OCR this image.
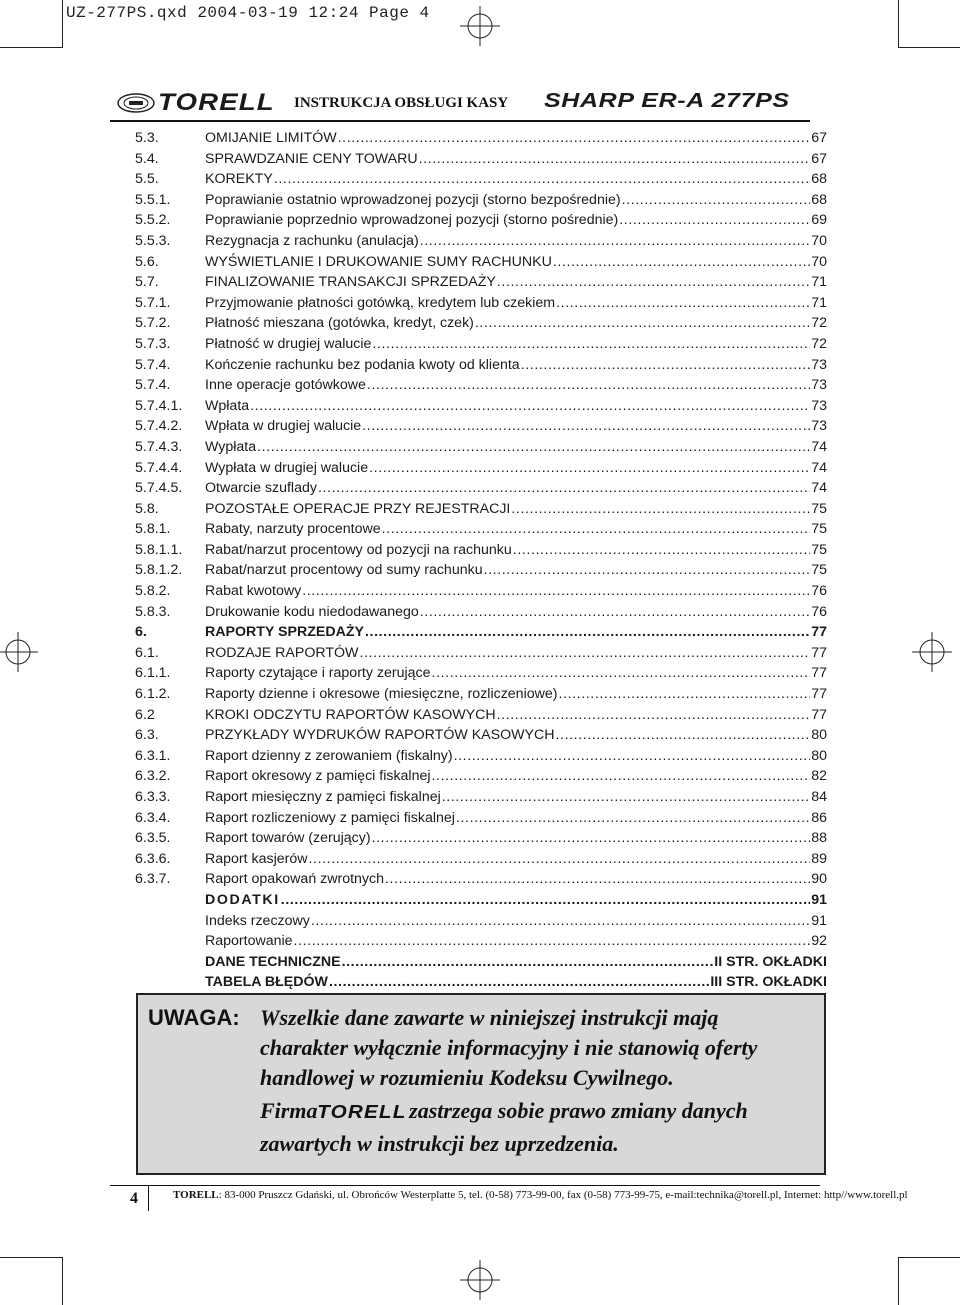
UZ-277PS.qxd 2004-03-19 12:24 Page 4
TORELL INSTRUKCJA OBSŁUGI KASY SHARP ER-A 277PS
5.3.	OMIJANIE LIMITÓW .....	67
5.4.	SPRAWDZANIE CENY TOWARU .....	67
5.5.	KOREKTY .....	68
5.5.1. Poprawianie ostatnio wprowadzonej pozycji (storno bezpośrednie) .....	68
5.5.2. Poprawianie poprzednio wprowadzonej pozycji (storno pośrednie) .....	69
5.5.3. Rezygnacja z rachunku (anulacja) .....	70
5.6.	WYŚWIETLANIE I DRUKOWANIE SUMY RACHUNKU .....	70
5.7.	FINALIZOWANIE TRANSAKCJI SPRZEDAŻY .....	71
5.7.1. Przyjmowanie płatności gotówką, kredytem lub czekiem .....	71
5.7.2. Płatność mieszana (gotówka, kredyt, czek) .....	72
5.7.3. Płatność w drugiej walucie .....	72
5.7.4. Kończenie rachunku bez podania kwoty od klienta .....	73
5.7.4. Inne operacje gotówkowe .....	73
5.7.4.1. Wpłata .....	73
5.7.4.2. Wpłata w drugiej walucie .....	73
5.7.4.3. Wypłata .....	74
5.7.4.4. Wypłata w drugiej walucie .....	74
5.7.4.5. Otwarcie szuflady .....	74
5.8.	POZOSTAŁE OPERACJE PRZY REJESTRACJI .....	75
5.8.1. Rabaty, narzuty procentowe .....	75
5.8.1.1. Rabat/narzut procentowy od pozycji na rachunku .....	75
5.8.1.2. Rabat/narzut procentowy od sumy rachunku .....	75
5.8.2. Rabat kwotowy .....	76
5.8.3. Drukowanie kodu niedodawanego .....	76
6.	RAPORTY SPRZEDAŻY .....	77
6.1.	RODZAJE RAPORTÓW .....	77
6.1.1. Raporty czytające i raporty zerujące .....	77
6.1.2. Raporty dzienne i okresowe (miesięczne, rozliczeniowe) .....	77
6.2	KROKI ODCZYTU RAPORTÓW KASOWYCH .....	77
6.3.	PRZYKŁADY WYDRUKÓW RAPORTÓW KASOWYCH .....	80
6.3.1. Raport dzienny z zerowaniem (fiskalny) .....	80
6.3.2. Raport okresowy z pamięci fiskalnej .....	82
6.3.3. Raport miesięczny z pamięci fiskalnej .....	84
6.3.4. Raport rozliczeniowy z pamięci fiskalnej .....	86
6.3.5. Raport towarów (zerujący) .....	88
6.3.6. Raport kasjerów .....	89
6.3.7. Raport opakowań zwrotnych .....	90
DODATKI .....	91
Indeks rzeczowy .....	91
Raportowanie .....	92
DANE TECHNICZNE .....	II STR. OKŁADKI
TABELA BŁĘDÓW .....	III STR. OKŁADKI
UWAGA: Wszelkie dane zawarte w niniejszej instrukcji mają
charakter wyłącznie informacyjny i nie stanowią oferty
handlowej w rozumieniu Kodeksu Cywilnego.
FirmaTORELLzastrzega sobie prawo zmiany danych
zawartych w instrukcji bez uprzedzenia.
4	TORELL: 83-000 Pruszcz Gdański, ul. Obrońców Westerplatte 5, tel. (0-58) 773-99-00, fax (0-58) 773-99-75, e-mail:technika@torell.pl, Internet: http//www.torell.pl
